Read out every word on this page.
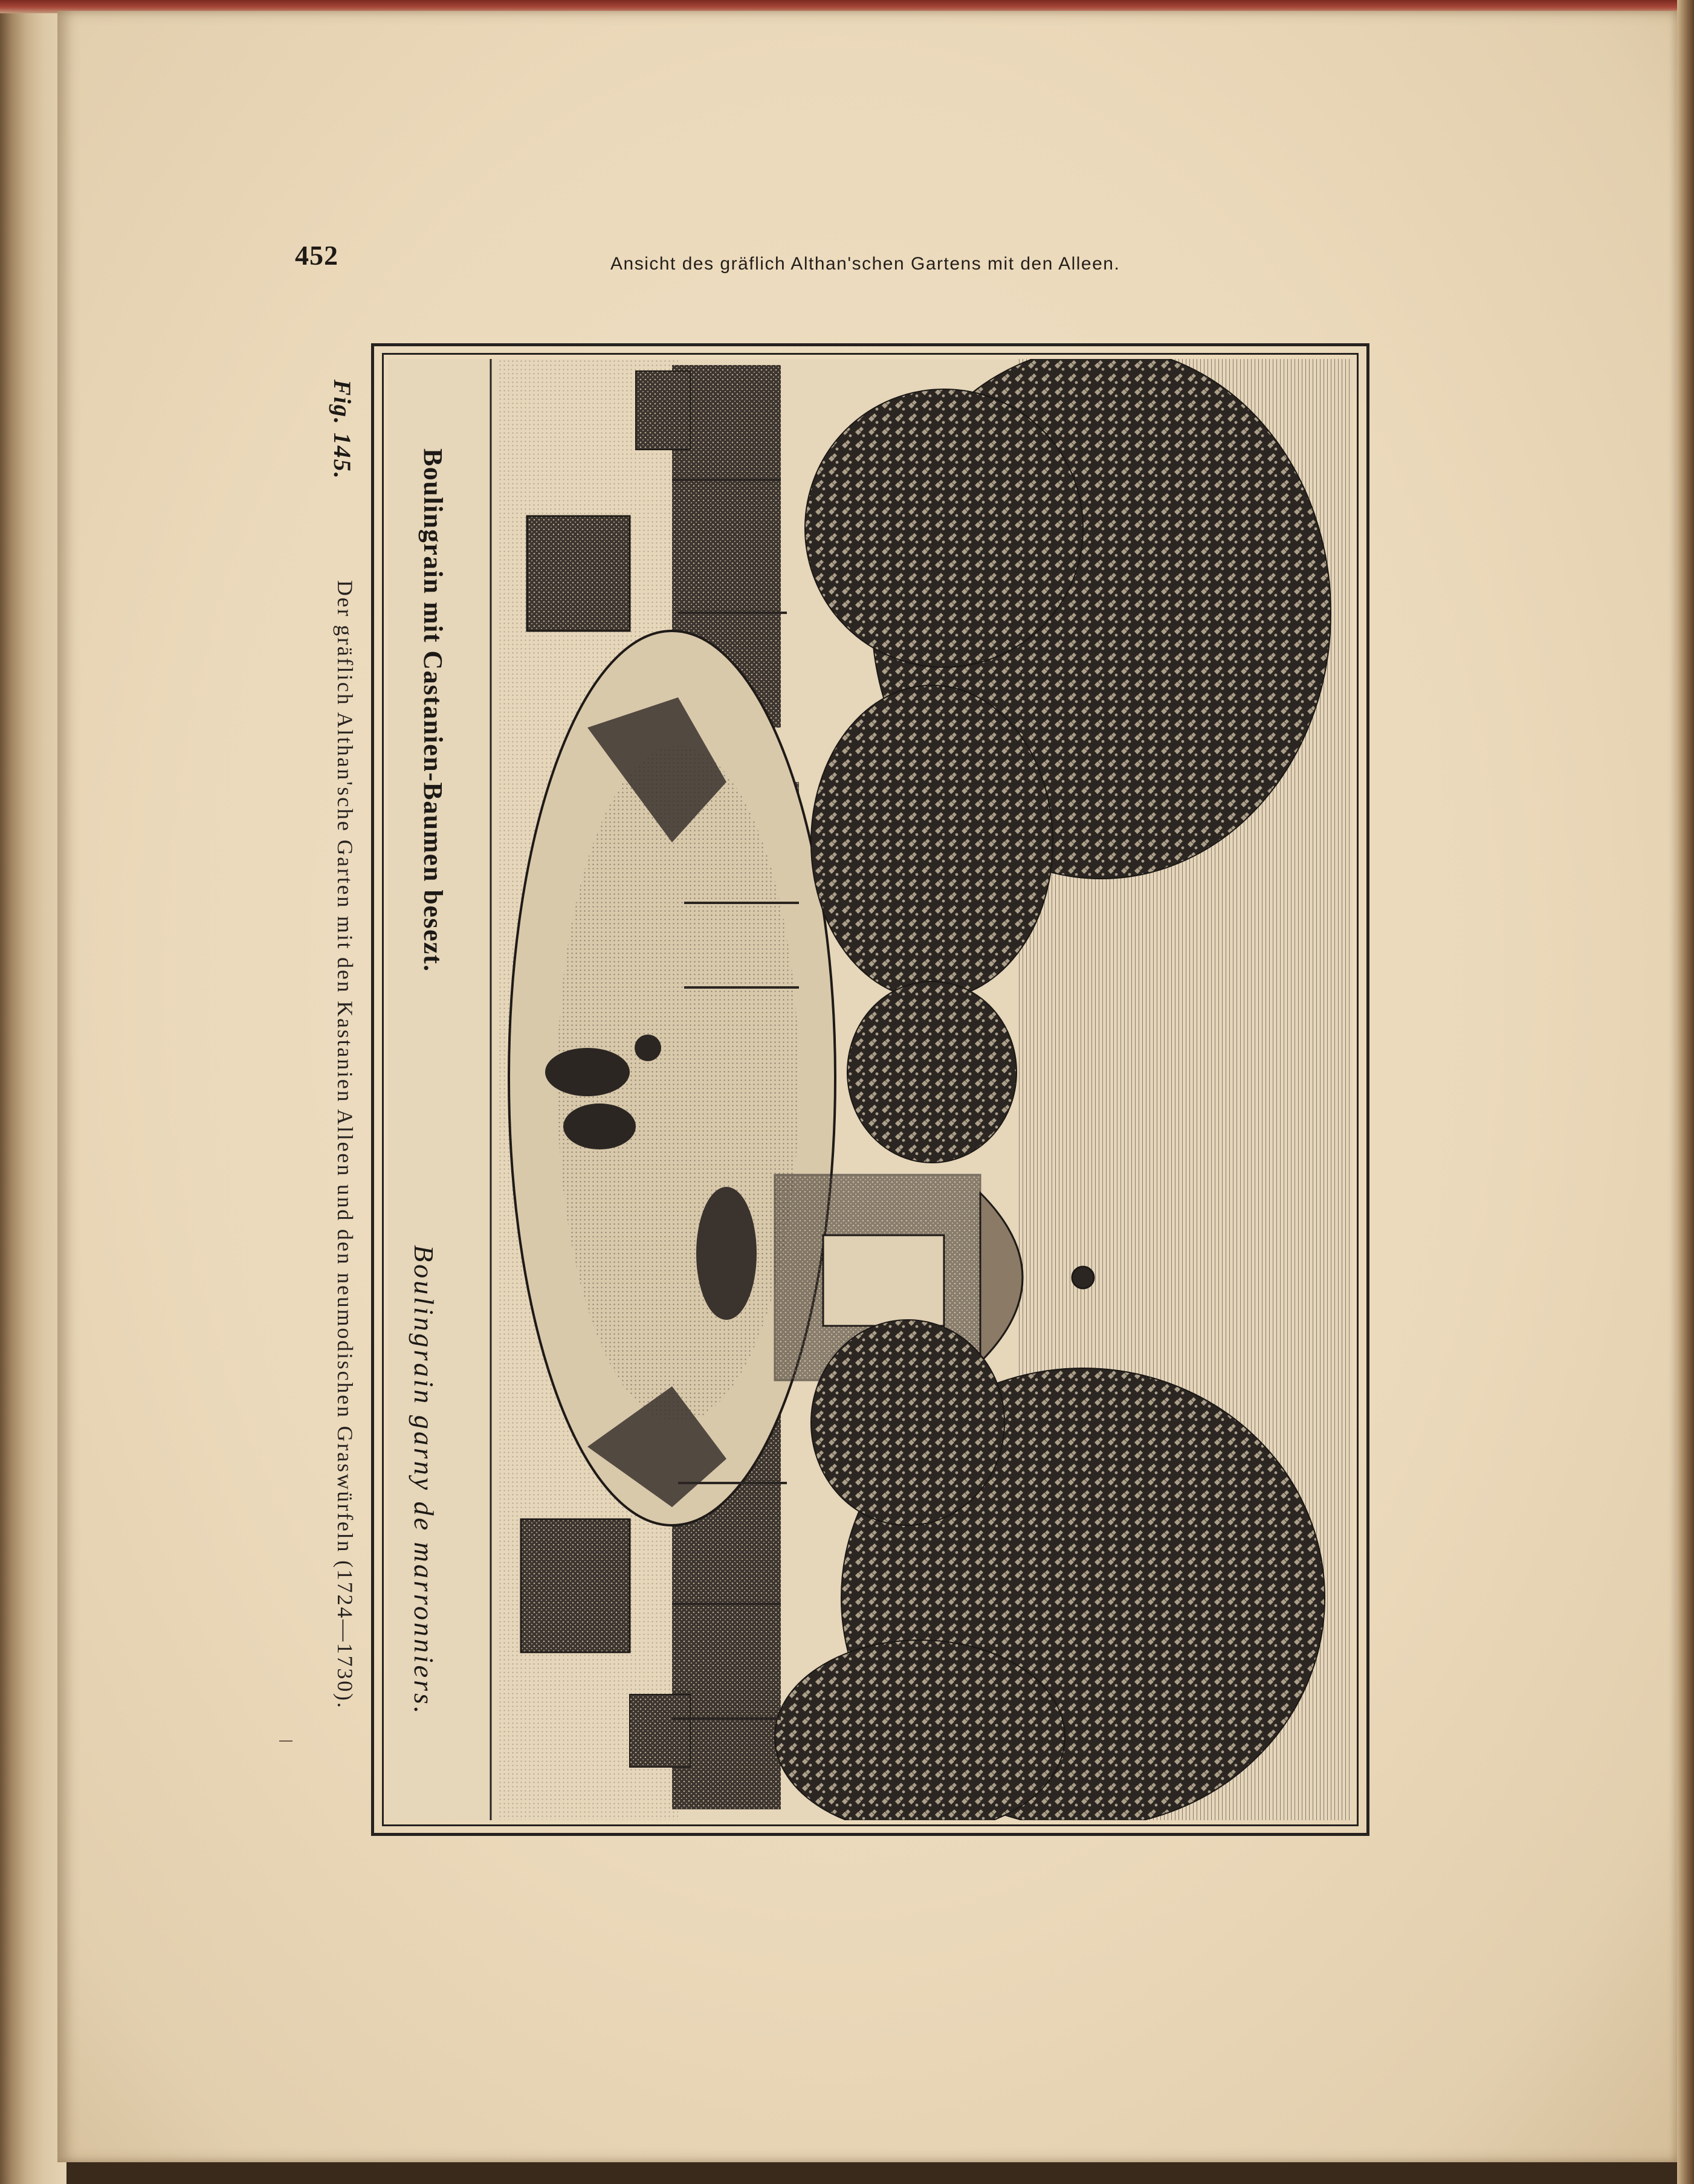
452	Ansicht des gräflich Althan'schen Gartens mit den Alleen.
Fig. 145.
Der gräflich Althan'sche Garten mit den Kastanien Alleen und den neumodischen Graswürfeln (1724—1730). Boulingrain mit Castanien-Baumen besezt.
Boulingrain garny de marronniers.
